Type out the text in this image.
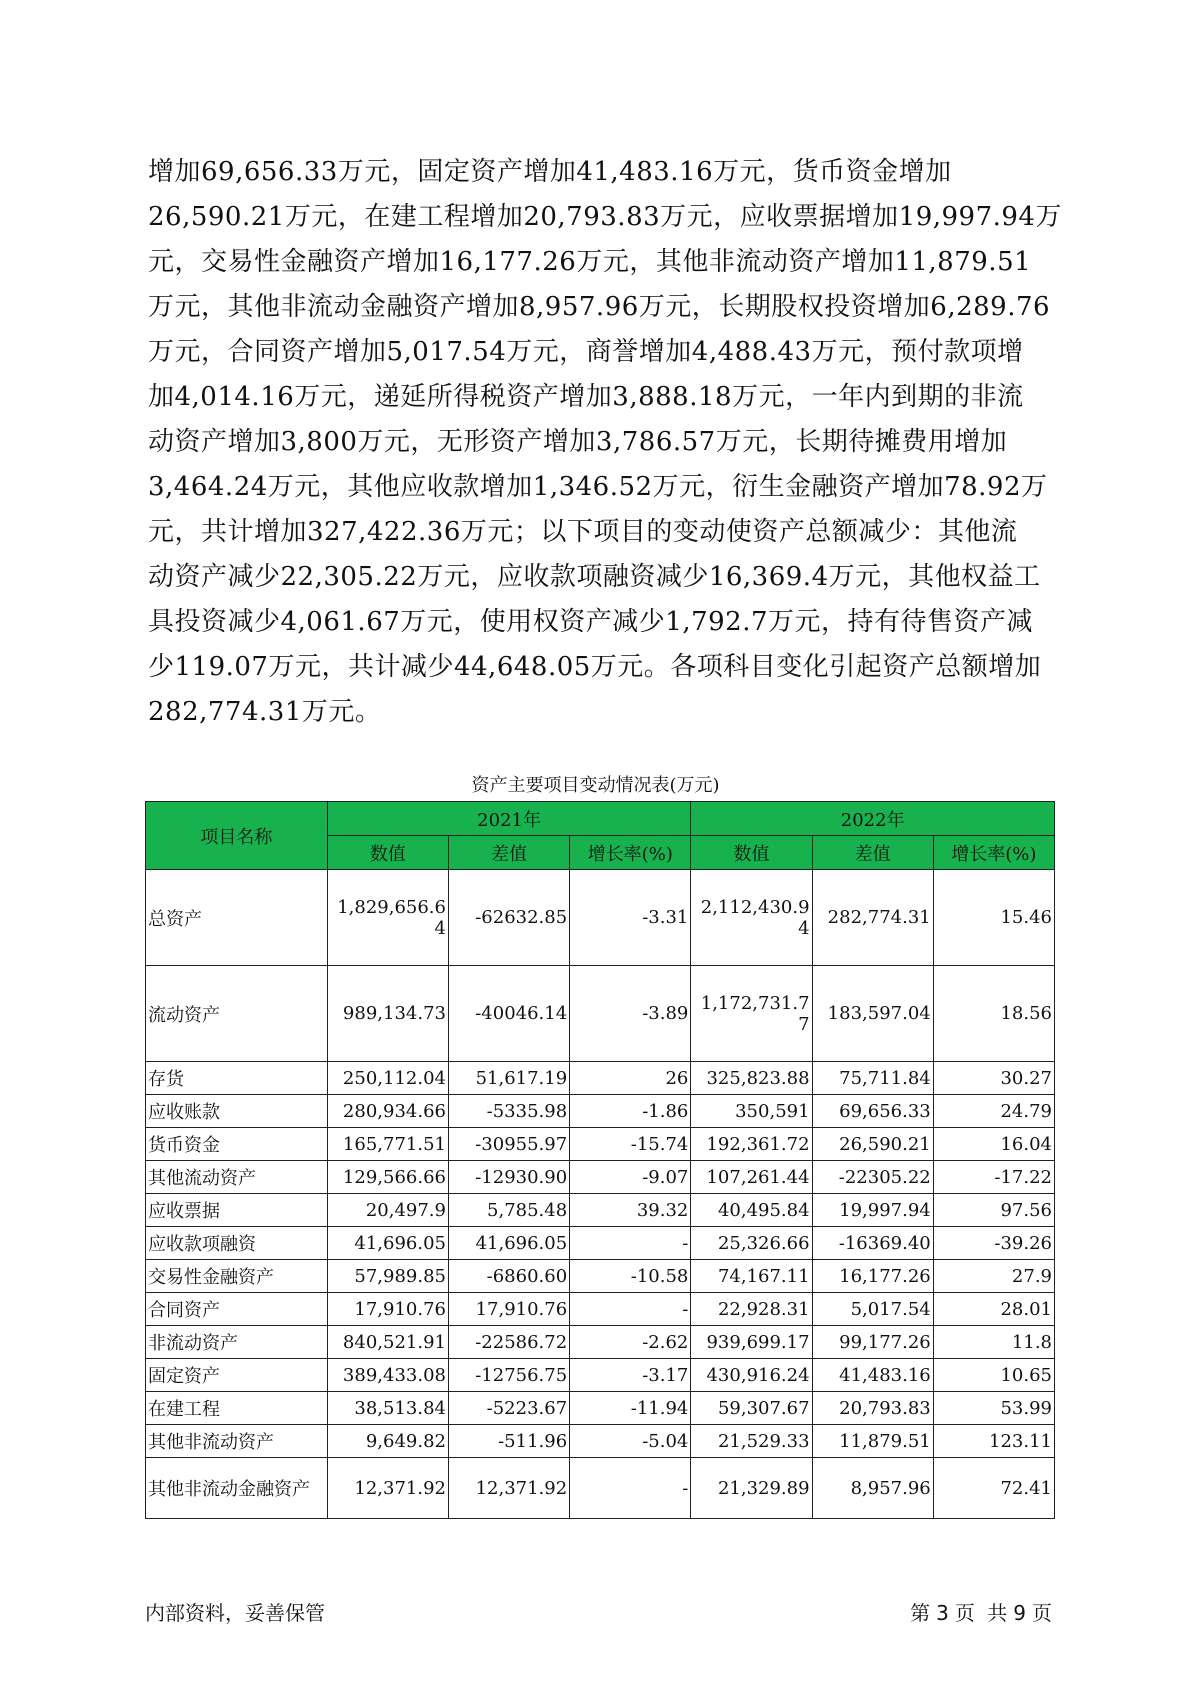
增加69,656.33万元，固定资产增加41,483.16万元，货币资金增加
26,590.21万元，在建工程增加20,793.83万元，应收票据增加19,997.94万
元，交易性金融资产增加16,177.26万元，其他非流动资产增加11,879.51
万元，其他非流动金融资产增加8,957.96万元，长期股权投资增加6,289.76
万元，合同资产增加5,017.54万元，商誉增加4,488.43万元，预付款项增
加4,014.16万元，递延所得税资产增加3,888.18万元，一年内到期的非流
动资产增加3,800万元，无形资产增加3,786.57万元，长期待摊费用增加
3,464.24万元，其他应收款增加1,346.52万元，衍生金融资产增加78.92万
元，共计增加327,422.36万元；以下项目的变动使资产总额减少：其他流
动资产减少22,305.22万元，应收款项融资减少16,369.4万元，其他权益工
具投资减少4,061.67万元，使用权资产减少1,792.7万元，持有待售资产减
少119.07万元，共计减少44,648.05万元。各项科目变化引起资产总额增加
282,774.31万元。
资产主要项目变动情况表(万元)
项目名称	2021年			2022年		
	数值	差值	增长率(%)	数值	差值	增长率(%)
总资产	1,829,656.64	-62632.85	-3.31	2,112,430.94	282,774.31	15.46
流动资产	989,134.73	-40046.14	-3.89	1,172,731.77	183,597.04	18.56
存货	250,112.04	51,617.19	26	325,823.88	75,711.84	30.27
应收账款	280,934.66	-5335.98	-1.86	350,591	69,656.33	24.79
货币资金	165,771.51	-30955.97	-15.74	192,361.72	26,590.21	16.04
其他流动资产	129,566.66	-12930.90	-9.07	107,261.44	-22305.22	-17.22
应收票据	20,497.9	5,785.48	39.32	40,495.84	19,997.94	97.56
应收款项融资	41,696.05	41,696.05	-	25,326.66	-16369.40	-39.26
交易性金融资产	57,989.85	-6860.60	-10.58	74,167.11	16,177.26	27.9
合同资产	17,910.76	17,910.76	-	22,928.31	5,017.54	28.01
非流动资产	840,521.91	-22586.72	-2.62	939,699.17	99,177.26	11.8
固定资产	389,433.08	-12756.75	-3.17	430,916.24	41,483.16	10.65
在建工程	38,513.84	-5223.67	-11.94	59,307.67	20,793.83	53.99
其他非流动资产	9,649.82	-511.96	-5.04	21,529.33	11,879.51	123.11
其他非流动金融资产	12,371.92	12,371.92	-	21,329.89	8,957.96	72.41
内部资料，妥善保管	第 3 页 共 9 页
